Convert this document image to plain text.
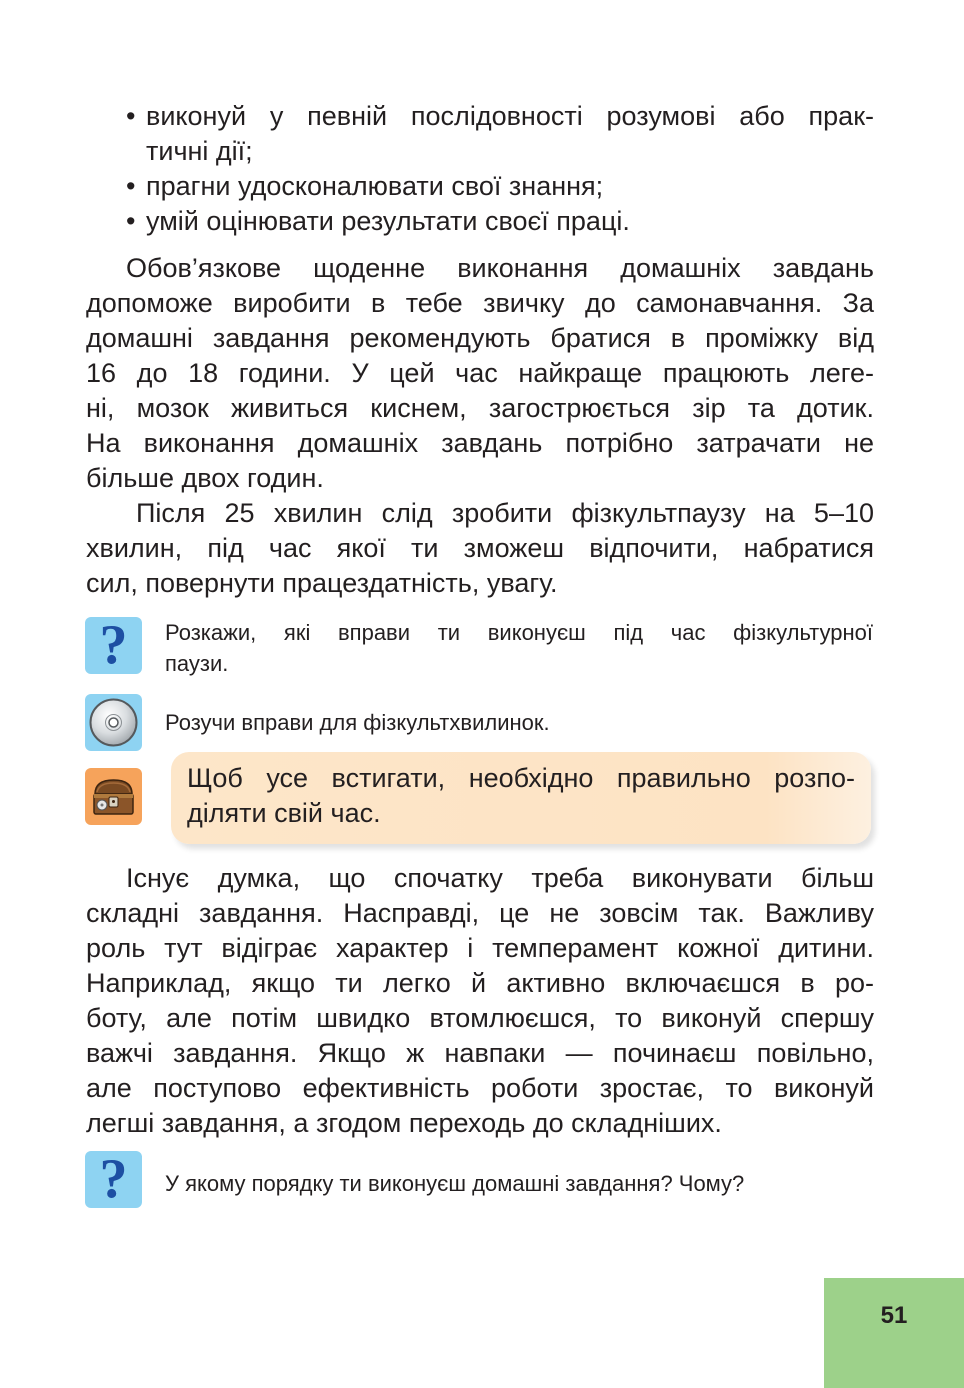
• виконуй у певній послідовності розумові або прак-
тичні дії;
• прагни удосконалювати свої знання;
• умій оцінювати результати своєї праці.
Обов’язкове щоденне виконання домашніх завдань
допоможе виробити в тебе звичку до самонавчання. За
домашні завдання рекомендують братися в проміжку від
16 до 18 години. У цей час найкраще працюють леге-
ні, мозок живиться киснем, загострюється зір та дотик.
На виконання домашніх завдань потрібно затрачати не
більше двох годин.
Після 25 хвилин слід зробити фізкультпаузу на 5–10
хвилин, під час якої ти зможеш відпочити, набратися
сил, повернути працездатність, увагу.
?	Розкажи, які вправи ти виконуєш під час фізкультурної
паузи.
Розучи вправи для фізкультхвилинок.
Щоб усе встигати, необхідно правильно розпо-
діляти свій час.
Існує думка, що спочатку треба виконувати більш
складні завдання. Насправді, це не зовсім так. Важливу
роль тут відіграє характер і темперамент кожної дитини.
Наприклад, якщо ти легко й активно включаєшся в ро-
боту, але потім швидко втомлюєшся, то виконуй спершу
важчі завдання. Якщо ж навпаки — починаєш повільно,
але поступово ефективність роботи зростає, то виконуй
легші завдання, а згодом переходь до складніших.
?	У якому порядку ти виконуєш домашні завдання? Чому?
51
